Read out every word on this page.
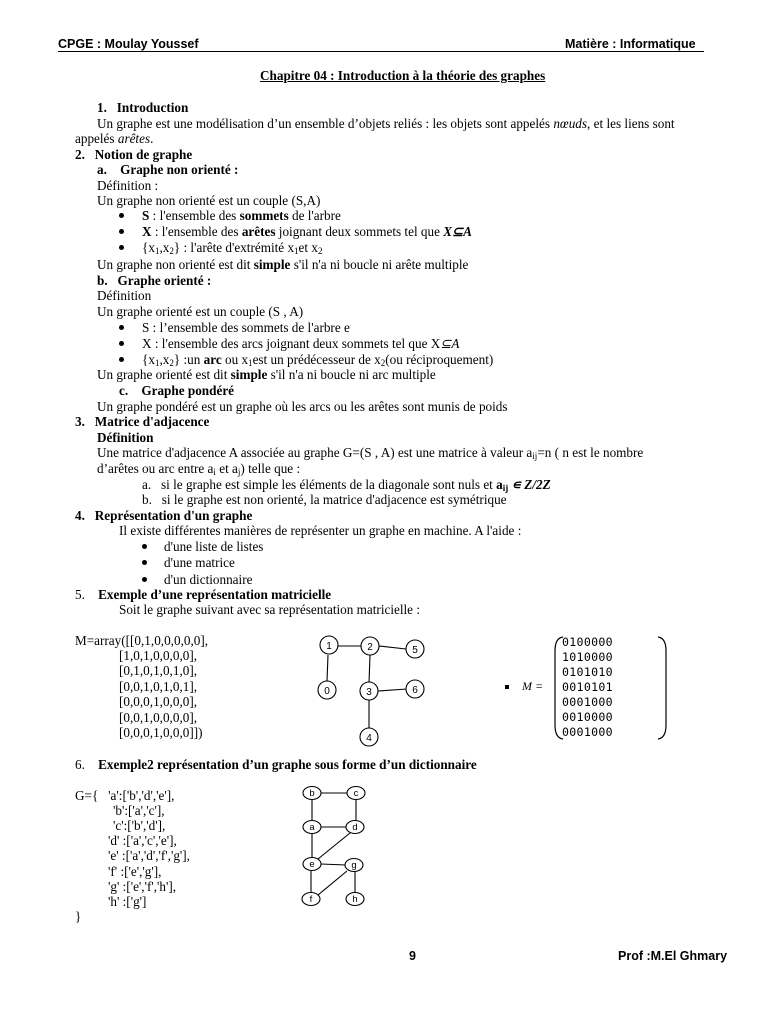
CPGE : Moulay Youssef	Matière : Informatique
Chapitre 04 : Introduction à la théorie des graphes
1. Introduction
Un graphe est une modélisation d’un ensemble d’objets reliés : les objets sont appelés nœuds, et les liens sont
appelés arêtes.
2. Notion de graphe
a. Graphe non orienté :
Définition :
Un graphe non orienté est un couple (S,A)
S : l'ensemble des sommets de l'arbre
X : l'ensemble des arêtes joignant deux sommets tel que X⊆A
$\{x_1,x_2\}$ : l'arête d'extrémité $x_1et$ $x_2$
Un graphe non orienté est dit simple s'il n'a ni boucle ni arête multiple
b. Graphe orienté :
Définition
Un graphe orienté est un couple (S , A)
S : l’ensemble des sommets de l'arbre e
X : l'ensemble des arcs joignant deux sommets tel que X⊆A
$\{x_1,x_2\}$ :un arc ou $x_1est$ un prédécesseur de $x_2(ou$ réciproquement)
Un graphe orienté est dit simple s'il n'a ni boucle ni arc multiple
c. Graphe pondéré
Un graphe pondéré est un graphe où les arcs ou les arêtes sont munis de poids
3. Matrice d'adjacence
Définition
Une matrice d'adjacence A associée au graphe G=(S , A) est une matrice à valeur $a_{ij}=n$ ( n est le nombre
d’arêtes ou arc entre $a_i$ et $a_j$) telle que :
a. si le graphe est simple les éléments de la diagonale sont nuls et $a_{ij}$ ∊ Z/2Z
b. si le graphe est non orienté, la matrice d'adjacence est symétrique
4. Représentation d'un graphe
Il existe différentes manières de représenter un graphe en machine. A l'aide :
d'une liste de listes
d'une matrice
d'un dictionnaire
5. Exemple d’une représentation matricielle
Soit le graphe suivant avec sa représentation matricielle :
M=array([[0,1,0,0,0,0,0],
[1,0,1,0,0,0,0],
[0,1,0,1,0,1,0],
[0,0,1,0,1,0,1],
[0,0,0,1,0,0,0],
[0,0,1,0,0,0,0],
[0,0,0,1,0,0,0]])
1	2	5
0	3	6
4
M =
0100000
1010000
0101010
0010101
0001000
0010000
0001000
6. Exemple2 représentation d’un graphe sous forme d’un dictionnaire
G={   'a':['b','d','e'],
'b':['a','c'],
'c':['b','d'],
'd' :['a','c','e'],
'e' :['a','d','f','g'],
'f' :['e','g'],
'g' :['e','f','h'],
'h' :['g']
}
b	c
a	d
e	g
f	h
9	Prof :M.El Ghmary
